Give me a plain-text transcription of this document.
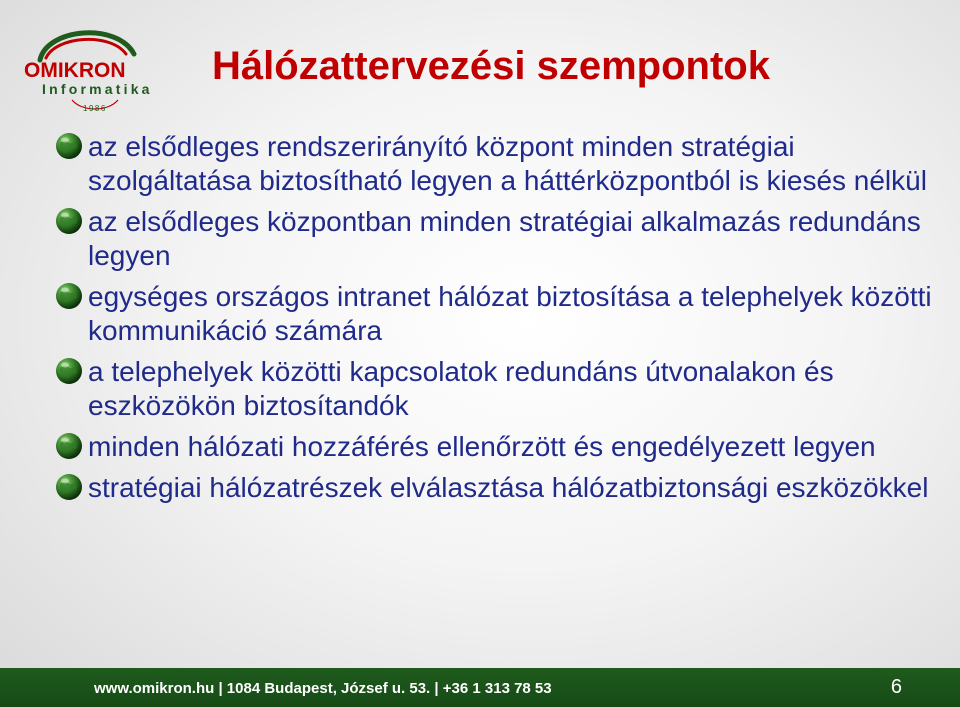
OMIKRON
Informatika
1986
Hálózattervezési szempontok
az elsődleges rendszerirányító központ minden stratégiai szolgáltatása biztosítható legyen a háttérközpontból is kiesés nélkül
az elsődleges központban minden stratégiai alkalmazás redundáns legyen
egységes országos intranet hálózat biztosítása a telephelyek közötti kommunikáció számára
a telephelyek közötti kapcsolatok redundáns útvonalakon és eszközökön biztosítandók
minden hálózati hozzáférés ellenőrzött és engedélyezett legyen
stratégiai hálózatrészek elválasztása hálózatbiztonsági eszközökkel
www.omikron.hu | 1084 Budapest, József u. 53. | +36 1 313 78 53	6
